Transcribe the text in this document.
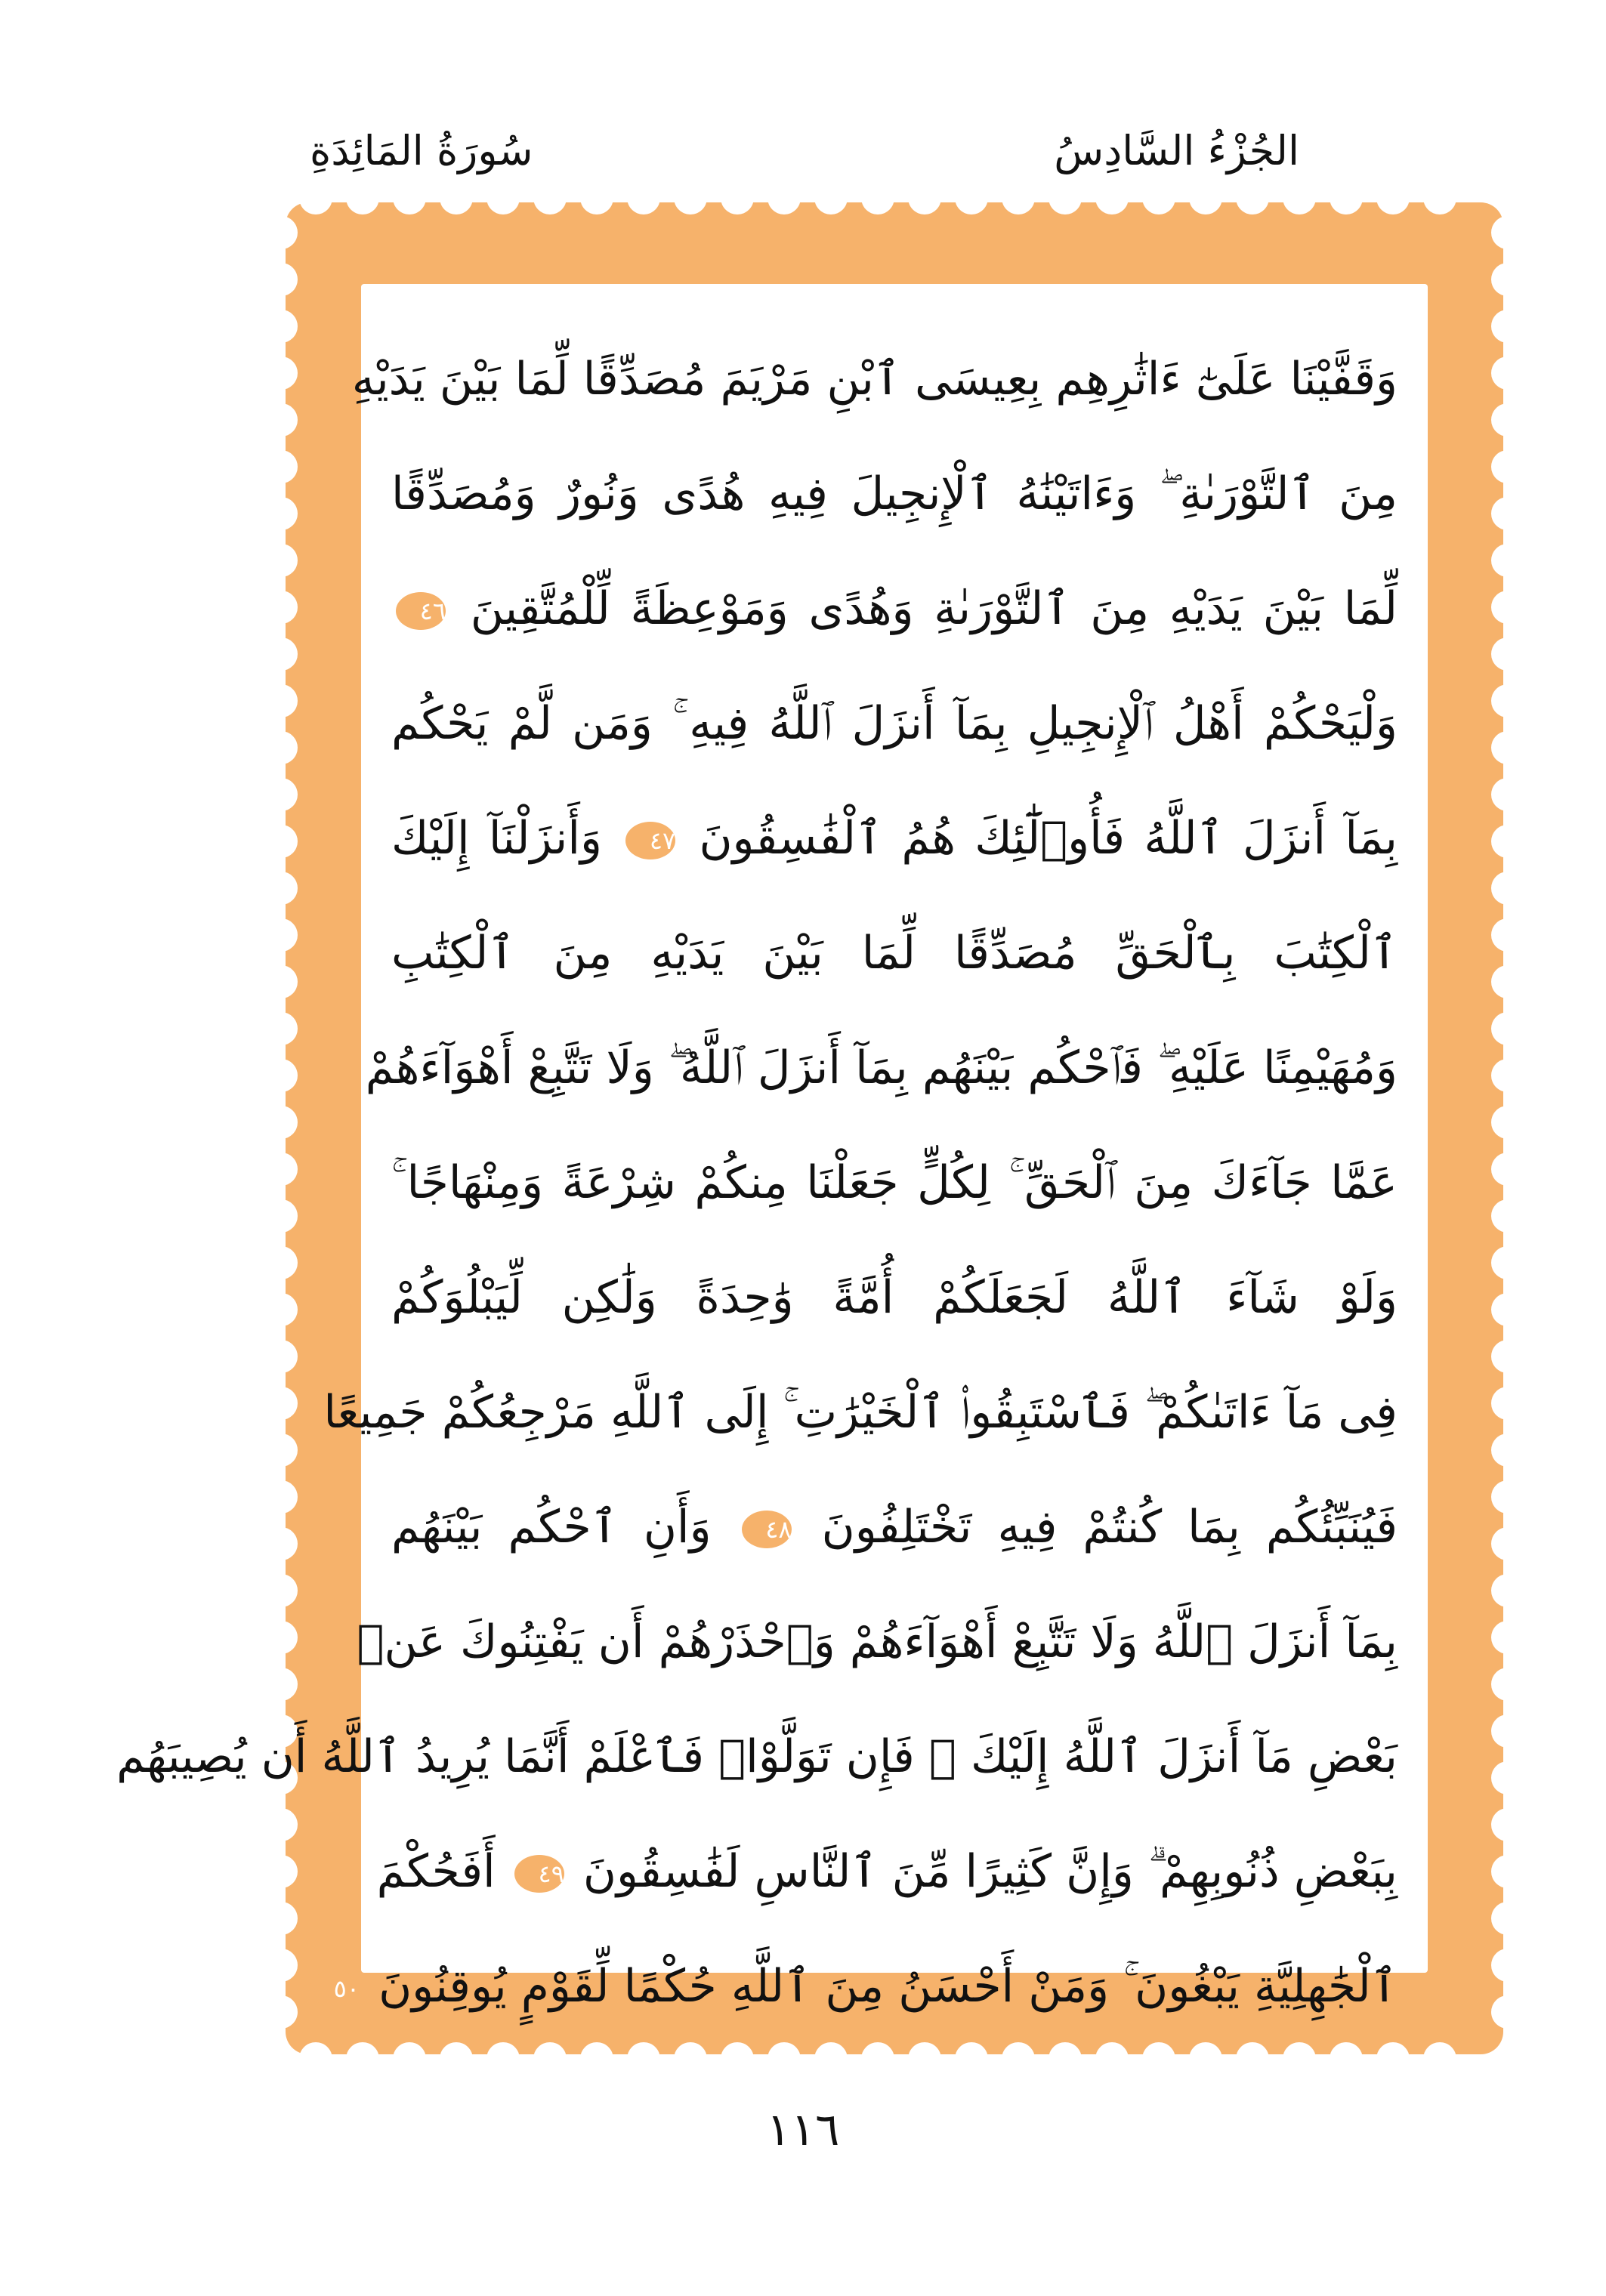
سُورَةُ المَائِدَةِ	الجُزْءُ السَّادِسُ
وَقَفَّيْنَا عَلَىٰٓ ءَاثَٰرِهِم بِعِيسَى ٱبْنِ مَرْيَمَ مُصَدِّقًا لِّمَا بَيْنَ يَدَيْهِ
مِنَ ٱلتَّوْرَىٰةِ ۖ وَءَاتَيْنَٰهُ ٱلْإِنجِيلَ فِيهِ هُدًى وَنُورٌ وَمُصَدِّقًا
لِّمَا بَيْنَ يَدَيْهِ مِنَ ٱلتَّوْرَىٰةِ وَهُدًى وَمَوْعِظَةً لِّلْمُتَّقِينَ ٤٦
وَلْيَحْكُمْ أَهْلُ ٱلْإِنجِيلِ بِمَآ أَنزَلَ ٱللَّهُ فِيهِ ۚ وَمَن لَّمْ يَحْكُم
بِمَآ أَنزَلَ ٱللَّهُ فَأُو۟لَٰٓئِكَ هُمُ ٱلْفَٰسِقُونَ ٤٧ وَأَنزَلْنَآ إِلَيْكَ
ٱلْكِتَٰبَ بِٱلْحَقِّ مُصَدِّقًا لِّمَا بَيْنَ يَدَيْهِ مِنَ ٱلْكِتَٰبِ
وَمُهَيْمِنًا عَلَيْهِ ۖ فَٱحْكُم بَيْنَهُم بِمَآ أَنزَلَ ٱللَّهُ ۖ وَلَا تَتَّبِعْ أَهْوَآءَهُمْ
عَمَّا جَآءَكَ مِنَ ٱلْحَقِّ ۚ لِكُلٍّ جَعَلْنَا مِنكُمْ شِرْعَةً وَمِنْهَاجًا ۚ
وَلَوْ شَآءَ ٱللَّهُ لَجَعَلَكُمْ أُمَّةً وَٰحِدَةً وَلَٰكِن لِّيَبْلُوَكُمْ
فِى مَآ ءَاتَىٰكُمْ ۖ فَٱسْتَبِقُوا۟ ٱلْخَيْرَٰتِ ۚ إِلَى ٱللَّهِ مَرْجِعُكُمْ جَمِيعًا
فَيُنَبِّئُكُم بِمَا كُنتُمْ فِيهِ تَخْتَلِفُونَ ٤٨ وَأَنِ ٱحْكُم بَيْنَهُم
بِمَآ أَنزَلَ ٱللَّهُ وَلَا تَتَّبِعْ أَهْوَآءَهُمْ وَٱحْذَرْهُمْ أَن يَفْتِنُوكَ عَنۢ
بَعْضِ مَآ أَنزَلَ ٱللَّهُ إِلَيْكَ ۖ فَإِن تَوَلَّوْا۟ فَٱعْلَمْ أَنَّمَا يُرِيدُ ٱللَّهُ أَن يُصِيبَهُم
بِبَعْضِ ذُنُوبِهِمْ ۗ وَإِنَّ كَثِيرًا مِّنَ ٱلنَّاسِ لَفَٰسِقُونَ ٤٩ أَفَحُكْمَ
ٱلْجَٰهِلِيَّةِ يَبْغُونَ ۚ وَمَنْ أَحْسَنُ مِنَ ٱللَّهِ حُكْمًا لِّقَوْمٍ يُوقِنُونَ ٥٠
١١٦
